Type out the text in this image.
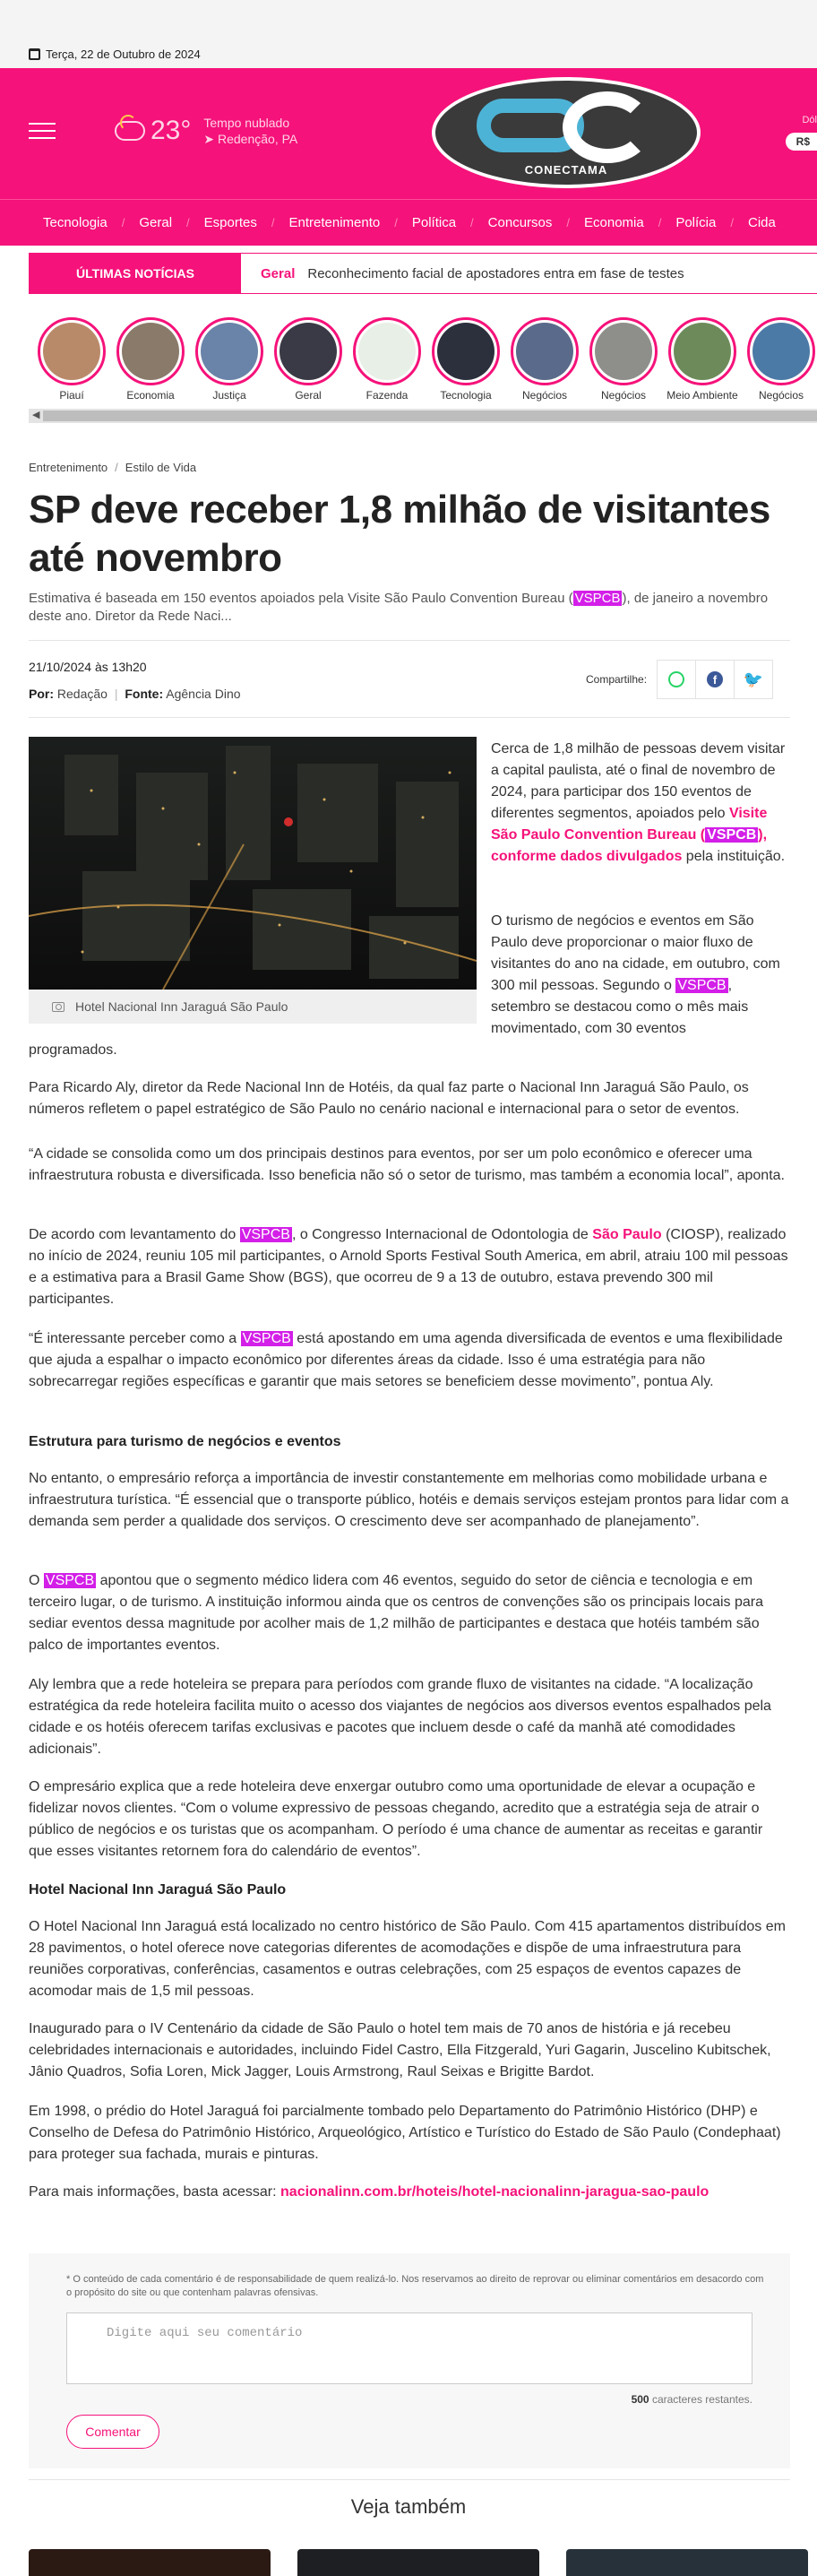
Terça, 22 de Outubro de 2024
23° Tempo nublado
➤ Redenção, PA
CONECTAMA
Dól
R$
Tecnologia / Geral / Esportes / Entretenimento / Política / Concursos / Economia / Polícia / Cida
ÚLTIMAS NOTÍCIAS	Geral Reconhecimento facial de apostadores entra em fase de testes
Piauí	Economia	Justiça	Geral	Fazenda	Tecnologia	Negócios	Negócios Meio Ambiente Negócios
◀
Entretenimento / Estilo de Vida
SP deve receber 1,8 milhão de visitantes até novembro

Estimativa é baseada em 150 eventos apoiados pela Visite São Paulo Convention Bureau ( VSPCB ), de janeiro a novembro deste ano. Diretor da Rede Naci...

21/10/2024 às 13h20
Por: Redação | Fonte: Agência Dino
Compartilhe:	f	🐦
Hotel Nacional Inn Jaraguá São Paulo

Cerca de 1,8 milhão de pessoas devem visitar a capital paulista, até o final de novembro de 2024, para participar dos 150 eventos de diferentes segmentos, apoiados pelo Visite São Paulo Convention Bureau ( VSPCB ), conforme dados divulgados pela instituição.

O turismo de negócios e eventos em São Paulo deve proporcionar o maior fluxo de visitantes do ano na cidade, em outubro, com 300 mil pessoas. Segundo o VSPCB , setembro se destacou como o mês mais movimentado, com 30 eventos

programados.

Para Ricardo Aly, diretor da Rede Nacional Inn de Hotéis, da qual faz parte o Nacional Inn Jaraguá São Paulo, os números refletem o papel estratégico de São Paulo no cenário nacional e internacional para o setor de eventos.

“A cidade se consolida como um dos principais destinos para eventos, por ser um polo econômico e oferecer uma infraestrutura robusta e diversificada. Isso beneficia não só o setor de turismo, mas também a economia local”, aponta.

De acordo com levantamento do VSPCB , o Congresso Internacional de Odontologia de São Paulo (CIOSP), realizado no início de 2024, reuniu 105 mil participantes, o Arnold Sports Festival South America, em abril, atraiu 100 mil pessoas e a estimativa para a Brasil Game Show (BGS), que ocorreu de 9 a 13 de outubro, estava prevendo 300 mil participantes.

“É interessante perceber como a VSPCB está apostando em uma agenda diversificada de eventos e uma flexibilidade que ajuda a espalhar o impacto econômico por diferentes áreas da cidade. Isso é uma estratégia para não sobrecarregar regiões específicas e garantir que mais setores se beneficiem desse movimento”, pontua Aly.

Estrutura para turismo de negócios e eventos

No entanto, o empresário reforça a importância de investir constantemente em melhorias como mobilidade urbana e infraestrutura turística. “É essencial que o transporte público, hotéis e demais serviços estejam prontos para lidar com a demanda sem perder a qualidade dos serviços. O crescimento deve ser acompanhado de planejamento”.

O VSPCB apontou que o segmento médico lidera com 46 eventos, seguido do setor de ciência e tecnologia e em terceiro lugar, o de turismo. A instituição informou ainda que os centros de convenções são os principais locais para sediar eventos dessa magnitude por acolher mais de 1,2 milhão de participantes e destaca que hotéis também são palco de importantes eventos.

Aly lembra que a rede hoteleira se prepara para períodos com grande fluxo de visitantes na cidade. “A localização estratégica da rede hoteleira facilita muito o acesso dos viajantes de negócios aos diversos eventos espalhados pela cidade e os hotéis oferecem tarifas exclusivas e pacotes que incluem desde o café da manhã até comodidades adicionais”.

O empresário explica que a rede hoteleira deve enxergar outubro como uma oportunidade de elevar a ocupação e fidelizar novos clientes. “Com o volume expressivo de pessoas chegando, acredito que a estratégia seja de atrair o público de negócios e os turistas que os acompanham. O período é uma chance de aumentar as receitas e garantir que esses visitantes retornem fora do calendário de eventos”.

Hotel Nacional Inn Jaraguá São Paulo

O Hotel Nacional Inn Jaraguá está localizado no centro histórico de São Paulo. Com 415 apartamentos distribuídos em 28 pavimentos, o hotel oferece nove categorias diferentes de acomodações e dispõe de uma infraestrutura para reuniões corporativas, conferências, casamentos e outras celebrações, com 25 espaços de eventos capazes de acomodar mais de 1,5 mil pessoas.

Inaugurado para o IV Centenário da cidade de São Paulo o hotel tem mais de 70 anos de história e já recebeu celebridades internacionais e autoridades, incluindo Fidel Castro, Ella Fitzgerald, Yuri Gagarin, Juscelino Kubitschek, Jânio Quadros, Sofia Loren, Mick Jagger, Louis Armstrong, Raul Seixas e Brigitte Bardot.

Em 1998, o prédio do Hotel Jaraguá foi parcialmente tombado pelo Departamento do Patrimônio Histórico (DHP) e Conselho de Defesa do Patrimônio Histórico, Arqueológico, Artístico e Turístico do Estado de São Paulo (Condephaat) para proteger sua fachada, murais e pinturas.

Para mais informações, basta acessar: nacionalinn.com.br/hoteis/hotel-nacionalinn-jaragua-sao-paulo

* O conteúdo de cada comentário é de responsabilidade de quem realizá-lo. Nos reservamos ao direito de reprovar ou eliminar comentários em desacordo com o propósito do site ou que contenham palavras ofensivas.
Digite aqui seu comentário
500 caracteres restantes.
Comentar
Veja também
